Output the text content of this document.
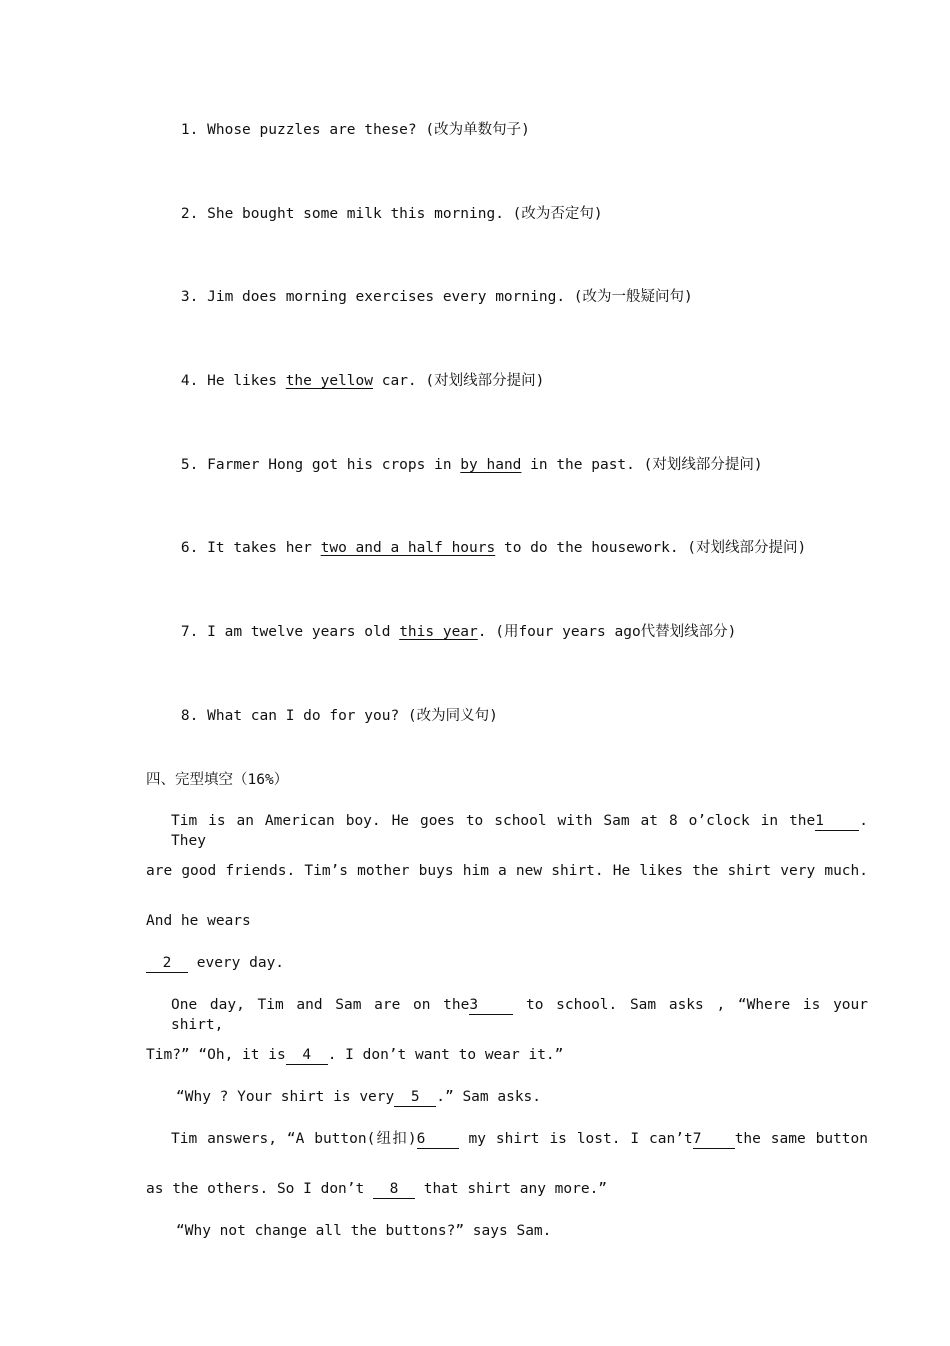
1. Whose puzzles are these? (改为单数句子)

2. She bought some milk this morning. (改为否定句)

3. Jim does morning exercises every morning. (改为一般疑问句)

4. He likes the yellow car. (对划线部分提问)

5. Farmer Hong got his crops in by hand in the past. (对划线部分提问)

6. It takes her two and a half hours to do the housework. (对划线部分提问)

7. I am twelve years old this year. (用four years ago代替划线部分)

8. What can I do for you? (改为同义句)

四、完型填空（16%）
Tim is an American boy. He goes to school with Sam at 8 o’clock in the1 . They
are good friends. Tim’s mother buys him a new shirt. He likes the shirt very much.
And he wears
2 every day.
One day, Tim and Sam are on the3 to school. Sam asks , “Where is your shirt,
Tim?” “Oh, it is 4 . I don’t want to wear it.”
“Why ? Your shirt is very 5 .” Sam asks.
Tim answers, “A button(纽扣)6 my shirt is lost. I can’t7 the same button
as the others. So I don’t 8 that shirt any more.”
“Why not change all the buttons?” says Sam.
